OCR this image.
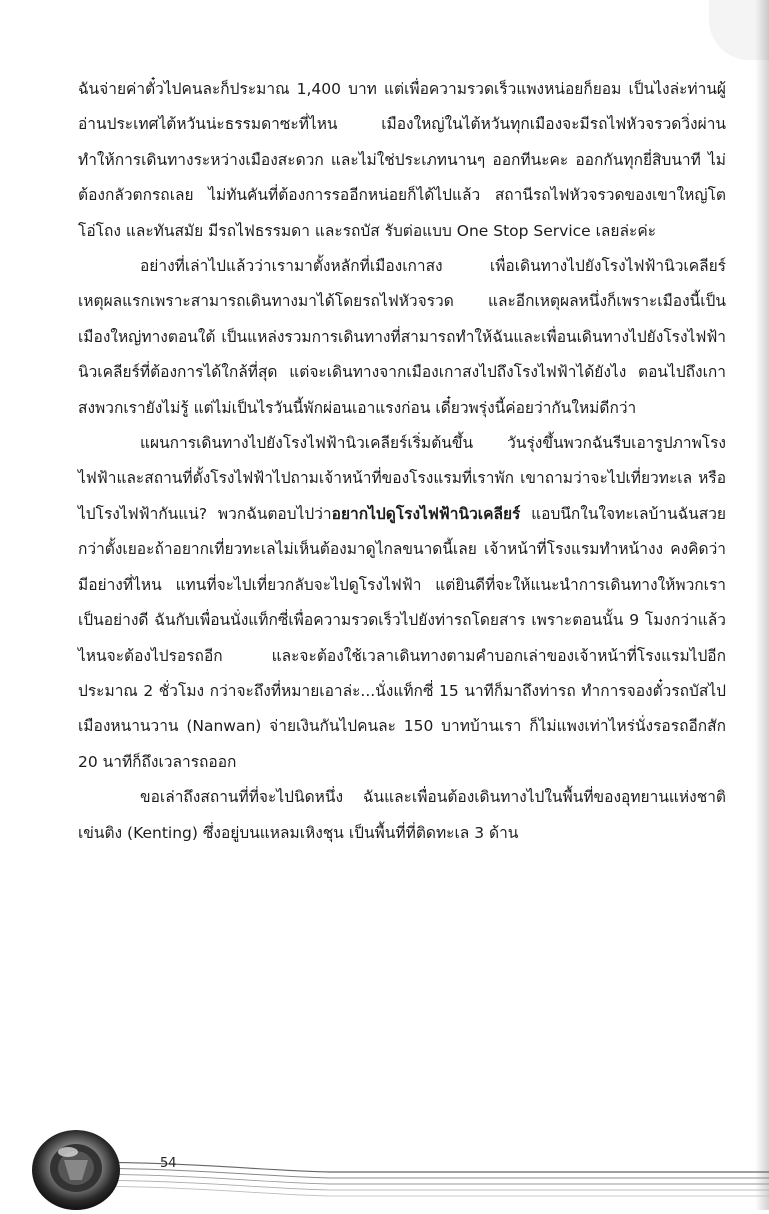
ฉันจ่ายค่าตั๋วไปคนละก็ประมาณ 1,400 บาท แต่เพื่อความรวดเร็วแพงหน่อยก็ยอม เป็นไงล่ะท่านผู้อ่านประเทศไต้หวันน่ะธรรมดาซะที่ไหน เมืองใหญ่ในไต้หวันทุกเมืองจะมีรถไฟหัวจรวดวิ่งผ่าน ทำให้การเดินทางระหว่างเมืองสะดวก และไม่ใช่ประเภทนานๆ ออกทีนะคะ ออกกันทุกยี่สิบนาที ไม่ต้องกลัวตกรถเลย ไม่ทันคันที่ต้องการรออีกหน่อยก็ได้ไปแล้ว สถานีรถไฟหัวจรวดของเขาใหญ่โตโอ่โถง และทันสมัย มีรถไฟธรรมดา และรถบัส รับต่อแบบ One Stop Service เลยล่ะค่ะ

อย่างที่เล่าไปแล้วว่าเรามาตั้งหลักที่เมืองเกาสง เพื่อเดินทางไปยังโรงไฟฟ้านิวเคลียร์ เหตุผลแรกเพราะสามารถเดินทางมาได้โดยรถไฟหัวจรวด และอีกเหตุผลหนึ่งก็เพราะเมืองนี้เป็นเมืองใหญ่ทางตอนใต้ เป็นแหล่งรวมการเดินทางที่สามารถทำให้ฉันและเพื่อนเดินทางไปยังโรงไฟฟ้านิวเคลียร์ที่ต้องการได้ใกล้ที่สุด แต่จะเดินทางจากเมืองเกาสงไปถึงโรงไฟฟ้าได้ยังไง ตอนไปถึงเกาสงพวกเรายังไม่รู้ แต่ไม่เป็นไรวันนี้พักผ่อนเอาแรงก่อน เดี๋ยวพรุ่งนี้ค่อยว่ากันใหม่ดีกว่า

แผนการเดินทางไปยังโรงไฟฟ้านิวเคลียร์เริ่มต้นขึ้น วันรุ่งขึ้นพวกฉันรีบเอารูปภาพโรงไฟฟ้าและสถานที่ตั้งโรงไฟฟ้าไปถามเจ้าหน้าที่ของโรงแรมที่เราพัก เขาถามว่าจะไปเที่ยวทะเล หรือไปโรงไฟฟ้ากันแน่? พวกฉันตอบไปว่าอยากไปดูโรงไฟฟ้านิวเคลียร์ แอบนึกในใจทะเลบ้านฉันสวยกว่าตั้งเยอะถ้าอยากเที่ยวทะเลไม่เห็นต้องมาดูไกลขนาดนี้เลย เจ้าหน้าที่โรงแรมทำหน้างง คงคิดว่ามีอย่างที่ไหน แทนที่จะไปเที่ยวกลับจะไปดูโรงไฟฟ้า แต่ยินดีที่จะให้แนะนำการเดินทางให้พวกเราเป็นอย่างดี ฉันกับเพื่อนนั่งแท็กซี่เพื่อความรวดเร็วไปยังท่ารถโดยสาร เพราะตอนนั้น 9 โมงกว่าแล้ว ไหนจะต้องไปรอรถอีก และจะต้องใช้เวลาเดินทางตามคำบอกเล่าของเจ้าหน้าที่โรงแรมไปอีกประมาณ 2 ชั่วโมง กว่าจะถึงที่หมายเอาล่ะ...นั่งแท็กซี่ 15 นาทีก็มาถึงท่ารถ ทำการจองตั๋วรถบัสไปเมืองหนานวาน (Nanwan) จ่ายเงินกันไปคนละ 150 บาทบ้านเรา ก็ไม่แพงเท่าไหร่นั่งรอรถอีกสัก 20 นาทีก็ถึงเวลารถออก

ขอเล่าถึงสถานที่ที่จะไปนิดหนึ่ง ฉันและเพื่อนต้องเดินทางไปในพื้นที่ของอุทยานแห่งชาติเข่นติง (Kenting) ซึ่งอยู่บนแหลมเหิงชุน เป็นพื้นที่ที่ติดทะเล 3 ด้าน

54
